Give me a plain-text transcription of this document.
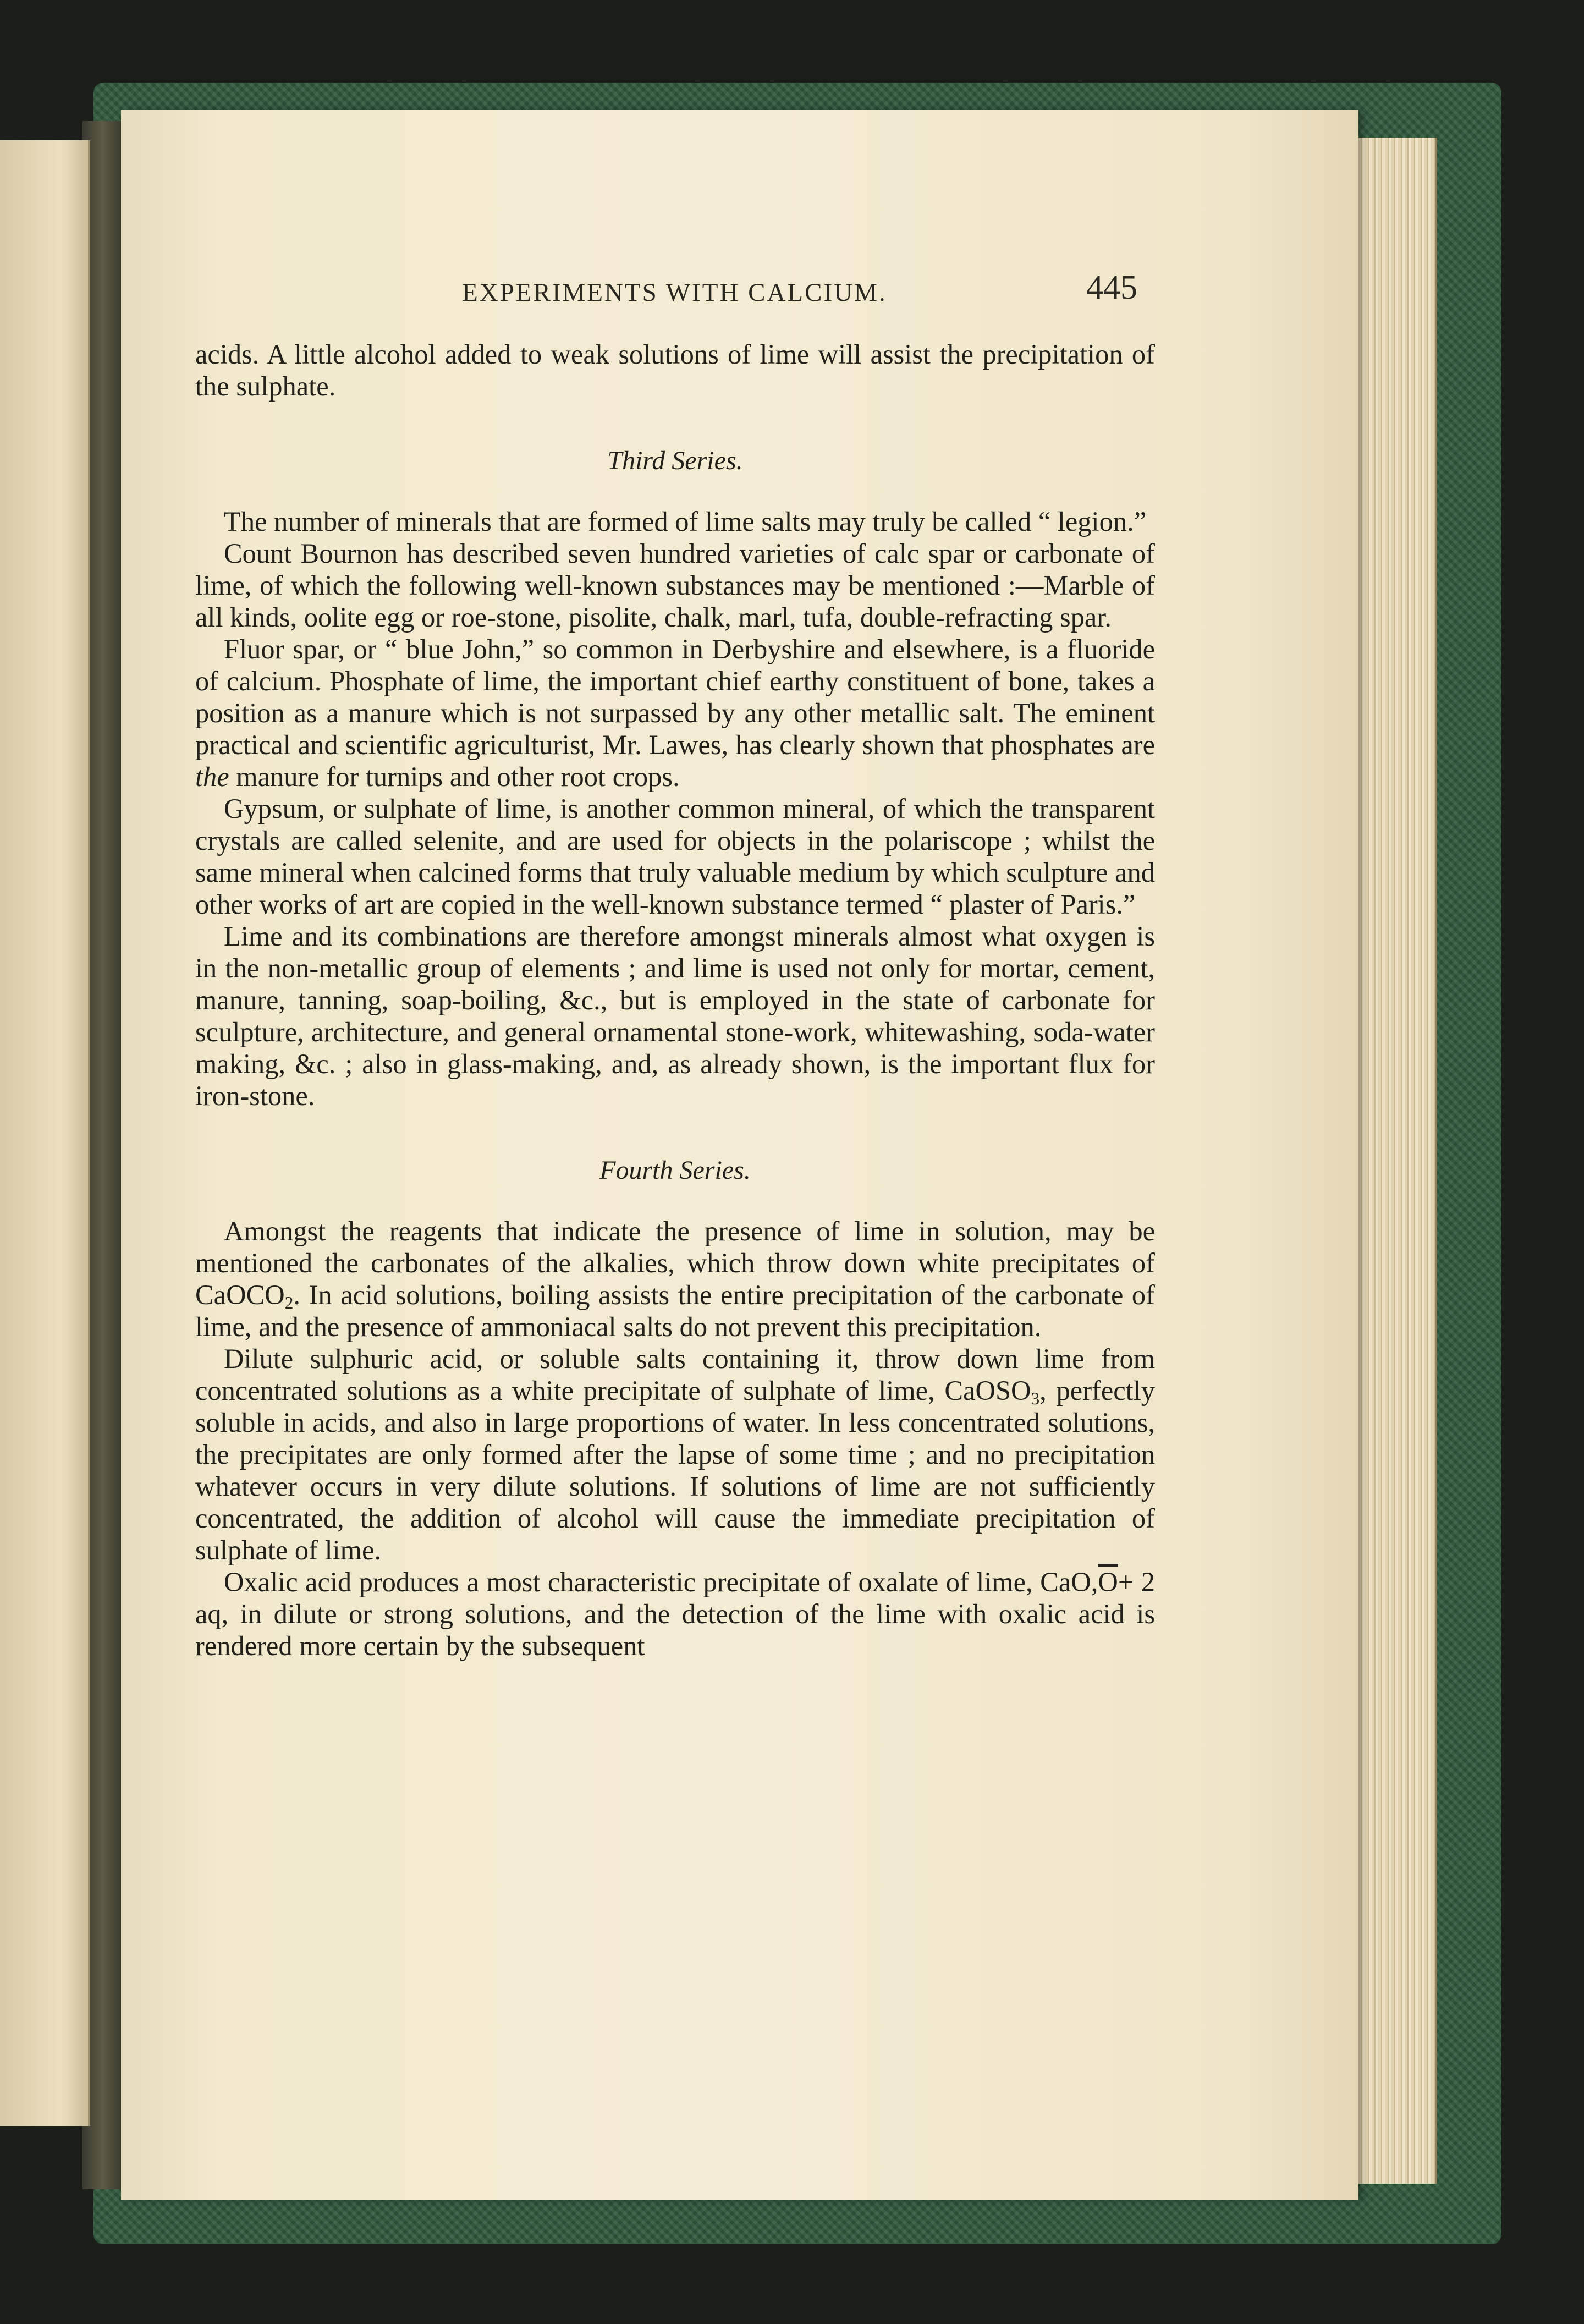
EXPERIMENTS WITH CALCIUM.	445

acids. A little alcohol added to weak solutions of lime will assist the precipitation of the sulphate.

Third Series.

The number of minerals that are formed of lime salts may truly be called “ legion.”

Count Bournon has described seven hundred varieties of calc spar or carbonate of lime, of which the following well-known substances may be mentioned :—Marble of all kinds, oolite egg or roe-stone, pisolite, chalk, marl, tufa, double-refracting spar.

Fluor spar, or “ blue John,” so common in Derbyshire and elsewhere, is a fluoride of calcium. Phosphate of lime, the important chief earthy constituent of bone, takes a position as a manure which is not surpassed by any other metallic salt. The eminent practical and scientific agriculturist, Mr. Lawes, has clearly shown that phosphates are the manure for turnips and other root crops.

Gypsum, or sulphate of lime, is another common mineral, of which the transparent crystals are called selenite, and are used for objects in the polariscope ; whilst the same mineral when calcined forms that truly valuable medium by which sculpture and other works of art are copied in the well-known substance termed “ plaster of Paris.”

Lime and its combinations are therefore amongst minerals almost what oxygen is in the non-metallic group of elements ; and lime is used not only for mortar, cement, manure, tanning, soap-boiling, &c., but is employed in the state of carbonate for sculpture, architecture, and general ornamental stone-work, whitewashing, soda-water making, &c. ; also in glass-making, and, as already shown, is the important flux for iron-stone.

Fourth Series.

Amongst the reagents that indicate the presence of lime in solution, may be mentioned the carbonates of the alkalies, which throw down white precipitates of CaOCO$_2$. In acid solutions, boiling assists the entire precipitation of the carbonate of lime, and the presence of ammoniacal salts do not prevent this precipitation.

Dilute sulphuric acid, or soluble salts containing it, throw down lime from concentrated solutions as a white precipitate of sulphate of lime, CaOSO$_3$, perfectly soluble in acids, and also in large proportions of water. In less concentrated solutions, the precipitates are only formed after the lapse of some time ; and no precipitation whatever occurs in very dilute solutions. If solutions of lime are not sufficiently concentrated, the addition of alcohol will cause the immediate precipitation of sulphate of lime.

Oxalic acid produces a most characteristic precipitate of oxalate of lime, $CaO,\overline{O}+ 2$ aq, in dilute or strong solutions, and the detection of the lime with oxalic acid is rendered more certain by the subsequent
